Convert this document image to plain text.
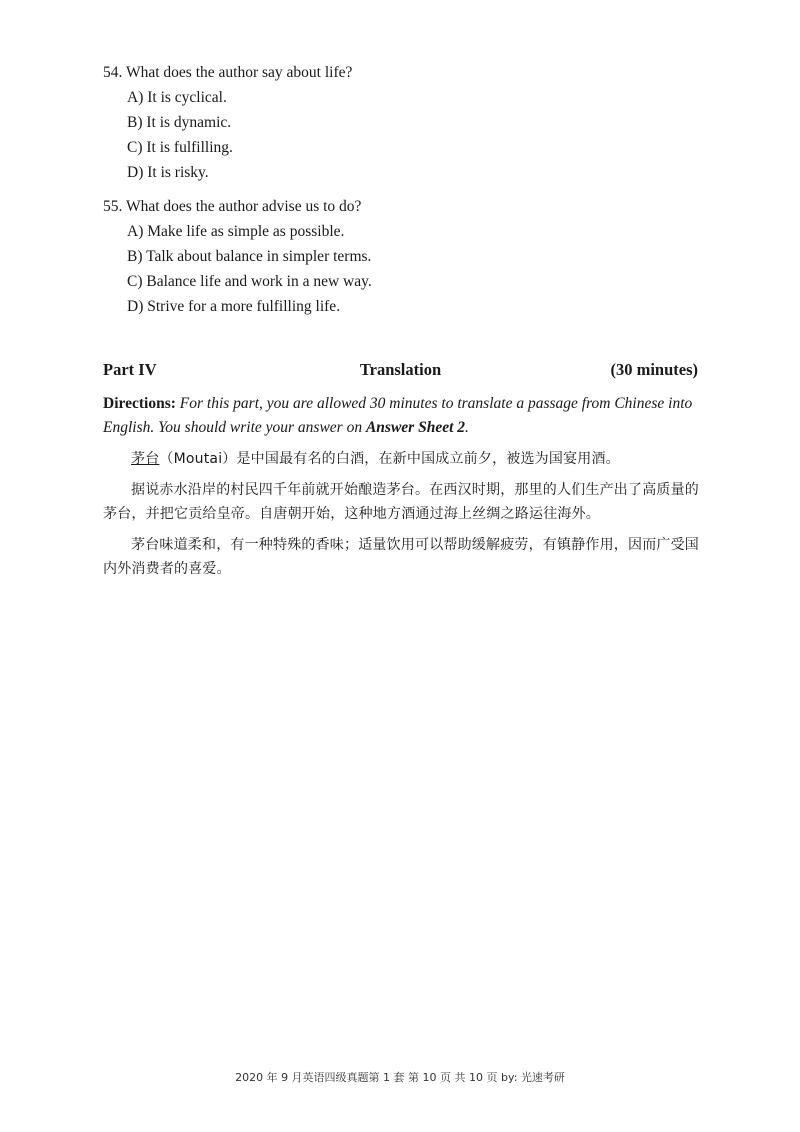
54. What does the author say about life?

A) It is cyclical.

B) It is dynamic.

C) It is fulfilling.

D) It is risky.

55. What does the author advise us to do?

A) Make life as simple as possible.

B) Talk about balance in simpler terms.

C) Balance life and work in a new way.

D) Strive for a more fulfilling life.

Part IV	Translation	(30 minutes)

Directions: For this part, you are allowed 30 minutes to translate a passage from Chinese into English. You should write your answer on Answer Sheet 2.

茅台（Moutai）是中国最有名的白酒，在新中国成立前夕，被选为国宴用酒。

据说赤水沿岸的村民四千年前就开始酿造茅台。在西汉时期，那里的人们生产出了高质量的茅台，并把它贡给皇帝。自唐朝开始，这种地方酒通过海上丝绸之路运往海外。

茅台味道柔和，有一种特殊的香味；适量饮用可以帮助缓解疲劳，有镇静作用，因而广受国内外消费者的喜爱。

2020 年 9 月英语四级真题第 1 套 第 10 页 共 10 页 by: 光速考研
